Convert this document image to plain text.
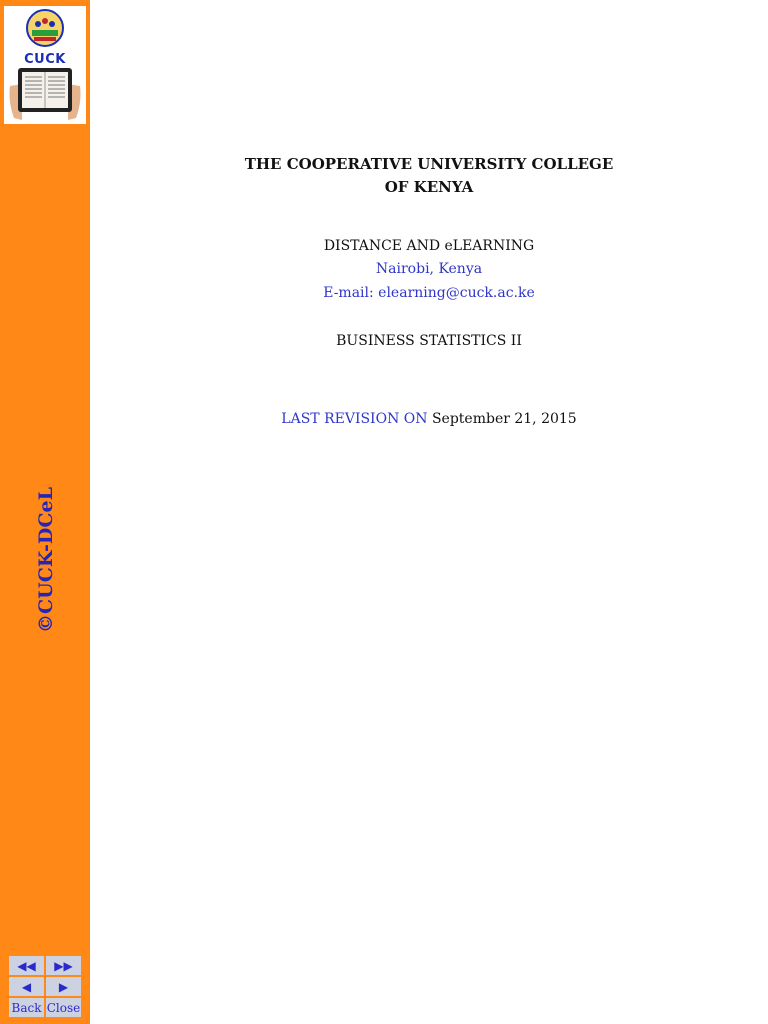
CUCK
©CUCK-DCeL
◀◀	▶▶
◀	▶
Back Close
THE COOPERATIVE UNIVERSITY COLLEGE
OF KENYA
DISTANCE AND eLEARNING
Nairobi, Kenya
E-mail: elearning@cuck.ac.ke
BUSINESS STATISTICS II
LAST REVISION ON September 21, 2015
